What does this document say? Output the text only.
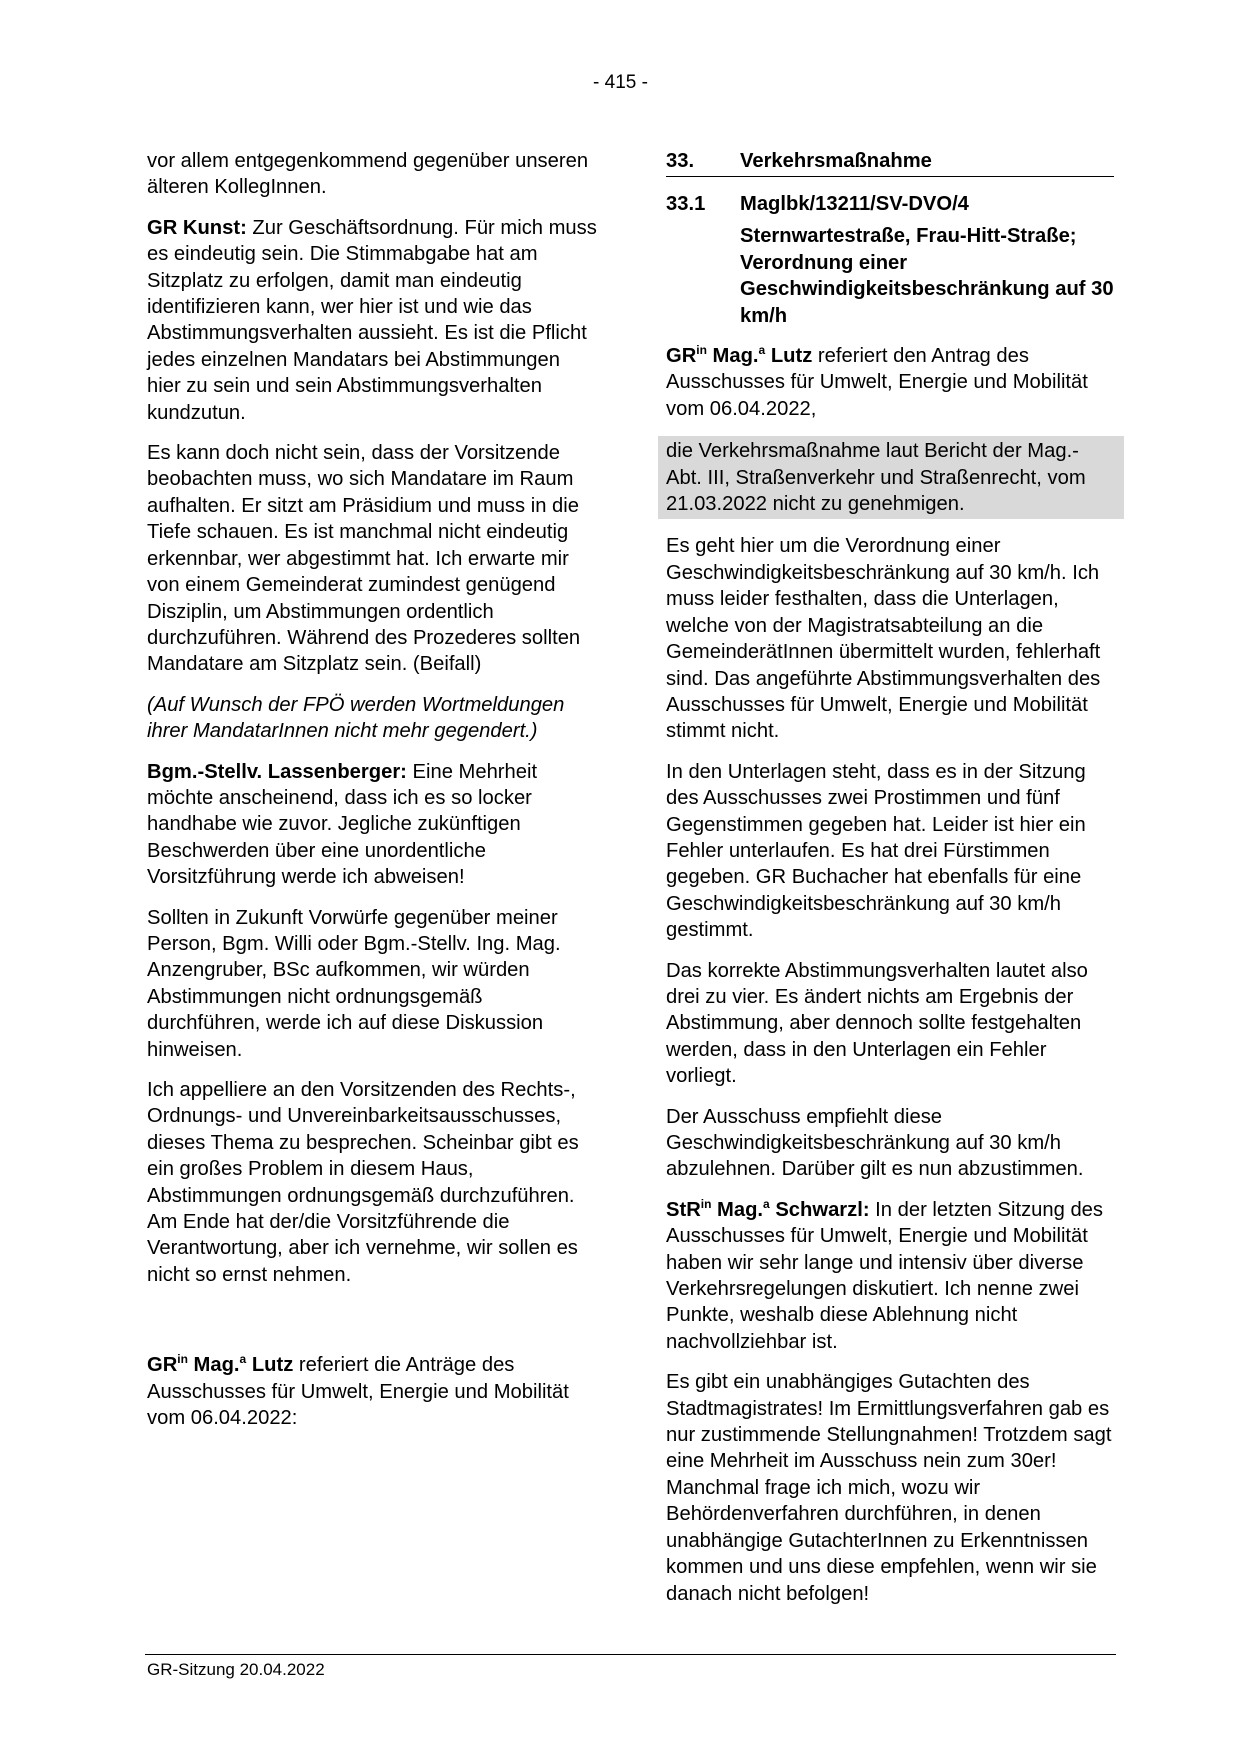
- 415 -

vor allem entgegenkommend gegenüber unseren älteren KollegInnen.

GR Kunst: Zur Geschäftsordnung. Für mich muss es eindeutig sein. Die Stimmabgabe hat am Sitzplatz zu erfolgen, damit man eindeutig identifizieren kann, wer hier ist und wie das Abstimmungsverhalten aussieht. Es ist die Pflicht jedes einzelnen Mandatars bei Abstimmungen hier zu sein und sein Abstimmungsverhalten kundzutun.

Es kann doch nicht sein, dass der Vorsitzende beobachten muss, wo sich Mandatare im Raum aufhalten. Er sitzt am Präsidium und muss in die Tiefe schauen. Es ist manchmal nicht eindeutig erkennbar, wer abgestimmt hat. Ich erwarte mir von einem Gemeinderat zumindest genügend Disziplin, um Abstimmungen ordentlich durchzuführen. Während des Prozederes sollten Mandatare am Sitzplatz sein. (Beifall)

(Auf Wunsch der FPÖ werden Wortmeldungen ihrer MandatarInnen nicht mehr gegendert.)

Bgm.-Stellv. Lassenberger: Eine Mehrheit möchte anscheinend, dass ich es so locker handhabe wie zuvor. Jegliche zukünftigen Beschwerden über eine unordentliche Vorsitzführung werde ich abweisen!

Sollten in Zukunft Vorwürfe gegenüber meiner Person, Bgm. Willi oder Bgm.-Stellv. Ing. Mag. Anzengruber, BSc aufkommen, wir würden Abstimmungen nicht ordnungsgemäß durchführen, werde ich auf diese Diskussion hinweisen.

Ich appelliere an den Vorsitzenden des Rechts-, Ordnungs- und Unvereinbarkeitsausschusses, dieses Thema zu besprechen. Scheinbar gibt es ein großes Problem in diesem Haus, Abstimmungen ordnungsgemäß durchzuführen. Am Ende hat der/die Vorsitzführende die Verantwortung, aber ich vernehme, wir sollen es nicht so ernst nehmen.

$GR^{in}$ Mag.$^a$ Lutz referiert die Anträge des Ausschusses für Umwelt, Energie und Mobilität vom 06.04.2022:

33.	Verkehrsmaßnahme
33.1	Maglbk/13211/SV-DVO/4
Sternwartestraße, Frau-Hitt-Straße; Verordnung einer Geschwindigkeitsbeschränkung auf 30 km/h

$GR^{in}$ Mag.$^a$ Lutz referiert den Antrag des Ausschusses für Umwelt, Energie und Mobilität vom 06.04.2022,

die Verkehrsmaßnahme laut Bericht der Mag.-Abt. III, Straßenverkehr und Straßenrecht, vom 21.03.2022 nicht zu genehmigen.

Es geht hier um die Verordnung einer Geschwindigkeitsbeschränkung auf 30 km/h. Ich muss leider festhalten, dass die Unterlagen, welche von der Magistratsabteilung an die GemeinderätInnen übermittelt wurden, fehlerhaft sind. Das angeführte Abstimmungsverhalten des Ausschusses für Umwelt, Energie und Mobilität stimmt nicht.

In den Unterlagen steht, dass es in der Sitzung des Ausschusses zwei Prostimmen und fünf Gegenstimmen gegeben hat. Leider ist hier ein Fehler unterlaufen. Es hat drei Fürstimmen gegeben. GR Buchacher hat ebenfalls für eine Geschwindigkeitsbeschränkung auf 30 km/h gestimmt.

Das korrekte Abstimmungsverhalten lautet also drei zu vier. Es ändert nichts am Ergebnis der Abstimmung, aber dennoch sollte festgehalten werden, dass in den Unterlagen ein Fehler vorliegt.

Der Ausschuss empfiehlt diese Geschwindigkeitsbeschränkung auf 30 km/h abzulehnen. Darüber gilt es nun abzustimmen.

StR$^{in}$ Mag.$^a$ Schwarzl: In der letzten Sitzung des Ausschusses für Umwelt, Energie und Mobilität haben wir sehr lange und intensiv über diverse Verkehrsregelungen diskutiert. Ich nenne zwei Punkte, weshalb diese Ablehnung nicht nachvollziehbar ist.

Es gibt ein unabhängiges Gutachten des Stadtmagistrates! Im Ermittlungsverfahren gab es nur zustimmende Stellungnahmen! Trotzdem sagt eine Mehrheit im Ausschuss nein zum 30er! Manchmal frage ich mich, wozu wir Behördenverfahren durchführen, in denen unabhängige GutachterInnen zu Erkenntnissen kommen und uns diese empfehlen, wenn wir sie danach nicht befolgen!

GR-Sitzung 20.04.2022
